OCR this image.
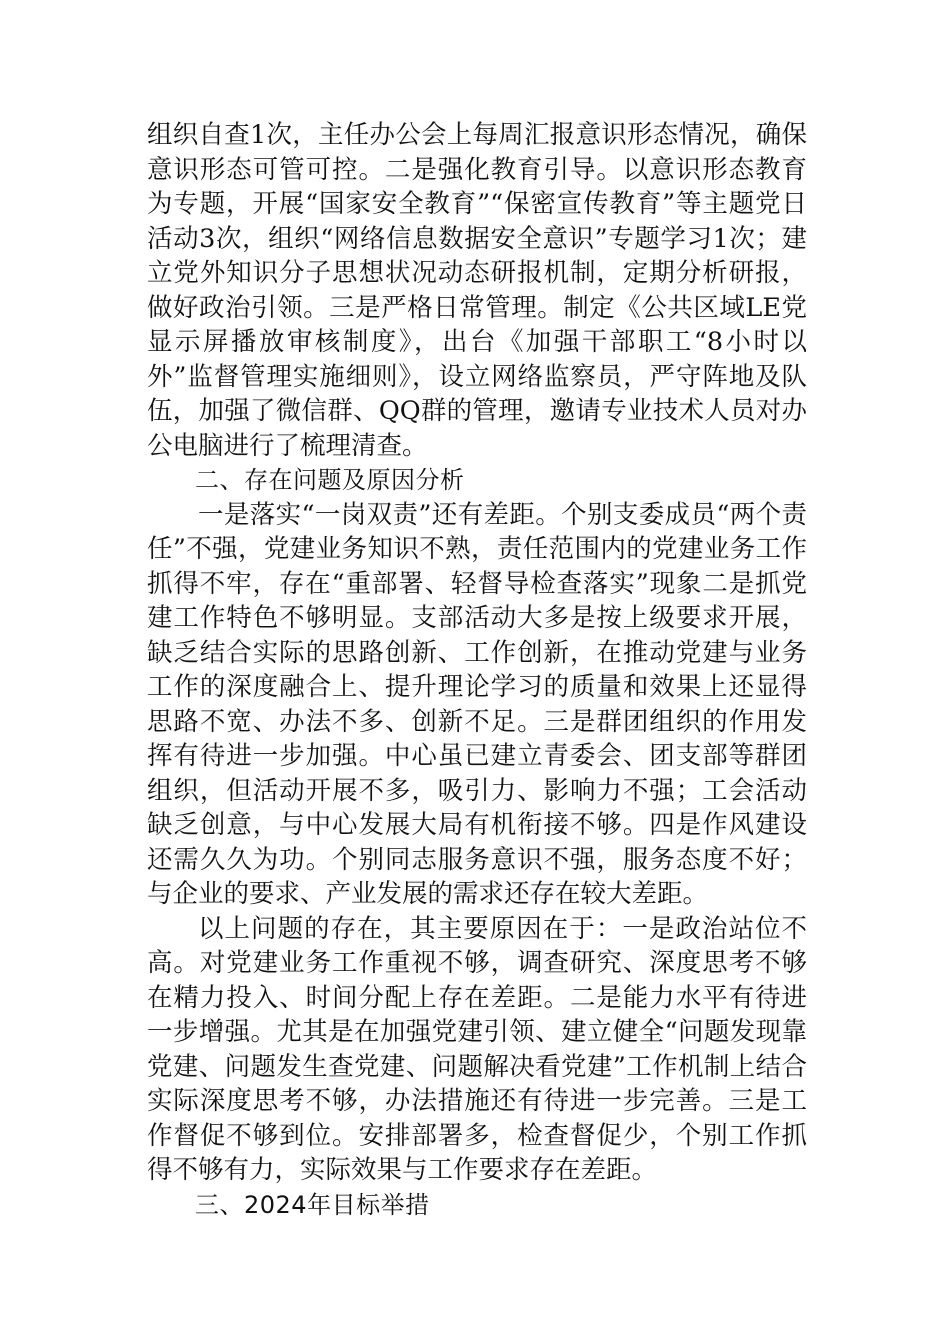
组织自查1次，主任办公会上每周汇报意识形态情况，确保意识形态可管可控。二是强化教育引导。以意识形态教育为专题，开展“国家安全教育”“保密宣传教育”等主题党日活动3次，组织“网络信息数据安全意识”专题学习1次；建立党外知识分子思想状况动态研报机制，定期分析研报，做好政治引领。三是严格日常管理。制定《公共区域LE党显示屏播放审核制度》，出台《加强干部职工“8小时以外”监督管理实施细则》，设立网络监察员，严守阵地及队伍，加强了微信群、QQ群的管理，邀请专业技术人员对办公电脑进行了梳理清查。

二、存在问题及原因分析

一是落实“一岗双责”还有差距。个别支委成员“两个责任”不强，党建业务知识不熟，责任范围内的党建业务工作抓得不牢，存在“重部署、轻督导检查落实”现象二是抓党建工作特色不够明显。支部活动大多是按上级要求开展，缺乏结合实际的思路创新、工作创新，在推动党建与业务工作的深度融合上、提升理论学习的质量和效果上还显得思路不宽、办法不多、创新不足。三是群团组织的作用发挥有待进一步加强。中心虽已建立青委会、团支部等群团组织，但活动开展不多，吸引力、影响力不强；工会活动缺乏创意，与中心发展大局有机衔接不够。四是作风建设还需久久为功。个别同志服务意识不强，服务态度不好；与企业的要求、产业发展的需求还存在较大差距。

以上问题的存在，其主要原因在于：一是政治站位不高。对党建业务工作重视不够，调查研究、深度思考不够在精力投入、时间分配上存在差距。二是能力水平有待进一步增强。尤其是在加强党建引领、建立健全“问题发现靠党建、问题发生查党建、问题解决看党建”工作机制上结合实际深度思考不够，办法措施还有待进一步完善。三是工作督促不够到位。安排部署多，检查督促少，个别工作抓得不够有力，实际效果与工作要求存在差距。

三、2024年目标举措
